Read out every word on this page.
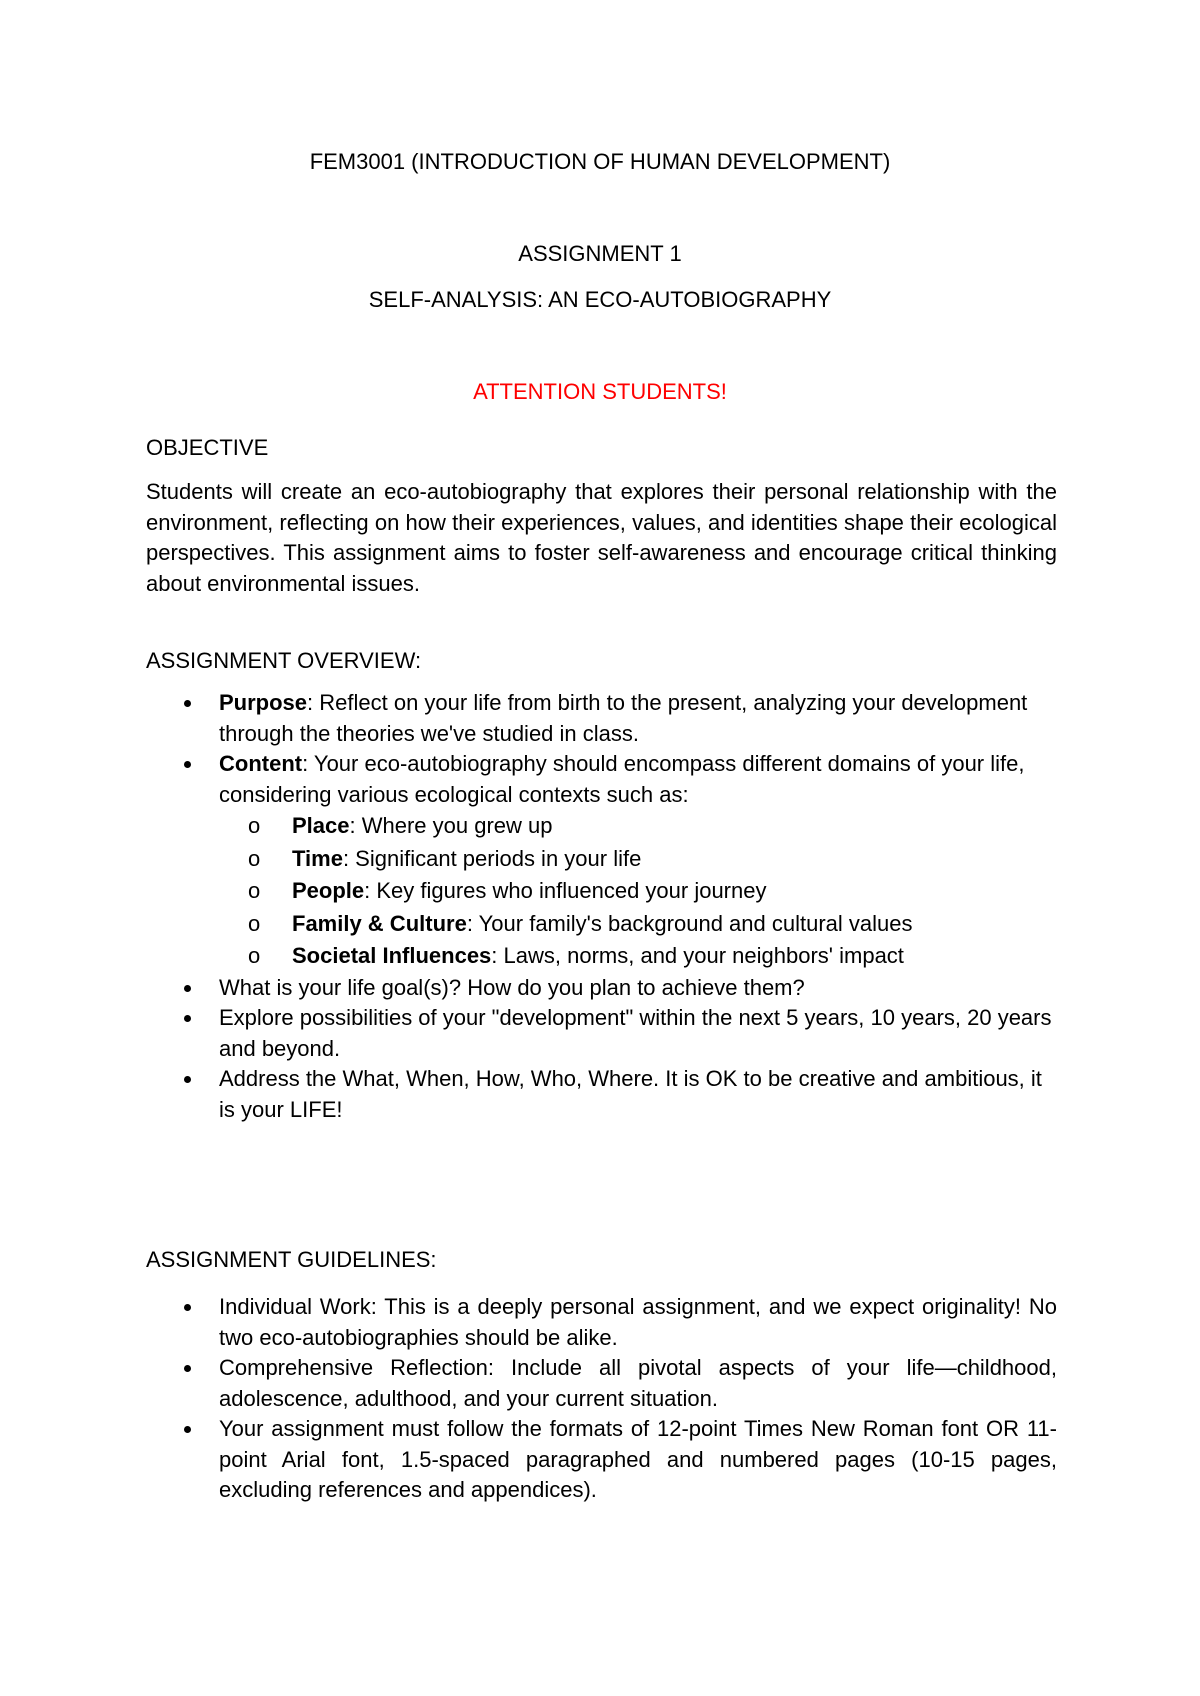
FEM3001 (INTRODUCTION OF HUMAN DEVELOPMENT)

ASSIGNMENT 1

SELF-ANALYSIS: AN ECO-AUTOBIOGRAPHY

ATTENTION STUDENTS!

OBJECTIVE

Students will create an eco-autobiography that explores their personal relationship with the environment, reflecting on how their experiences, values, and identities shape their ecological perspectives. This assignment aims to foster self-awareness and encourage critical thinking about environmental issues.

ASSIGNMENT OVERVIEW:

Purpose: Reflect on your life from birth to the present, analyzing your development through the theories we've studied in class.
Content: Your eco-autobiography should encompass different domains of your life, considering various ecological contexts such as:
o Place: Where you grew up
o Time: Significant periods in your life
o People: Key figures who influenced your journey
o Family & Culture: Your family's background and cultural values
o Societal Influences: Laws, norms, and your neighbors' impact
What is your life goal(s)? How do you plan to achieve them?
Explore possibilities of your "development" within the next 5 years, 10 years, 20 years and beyond.
Address the What, When, How, Who, Where. It is OK to be creative and ambitious, it is your LIFE!

ASSIGNMENT GUIDELINES:

Individual Work: This is a deeply personal assignment, and we expect originality! No two eco-autobiographies should be alike.
Comprehensive Reflection: Include all pivotal aspects of your life—childhood, adolescence, adulthood, and your current situation.
Your assignment must follow the formats of 12-point Times New Roman font OR 11-point Arial font, 1.5-spaced paragraphed and numbered pages (10-15 pages, excluding references and appendices).
